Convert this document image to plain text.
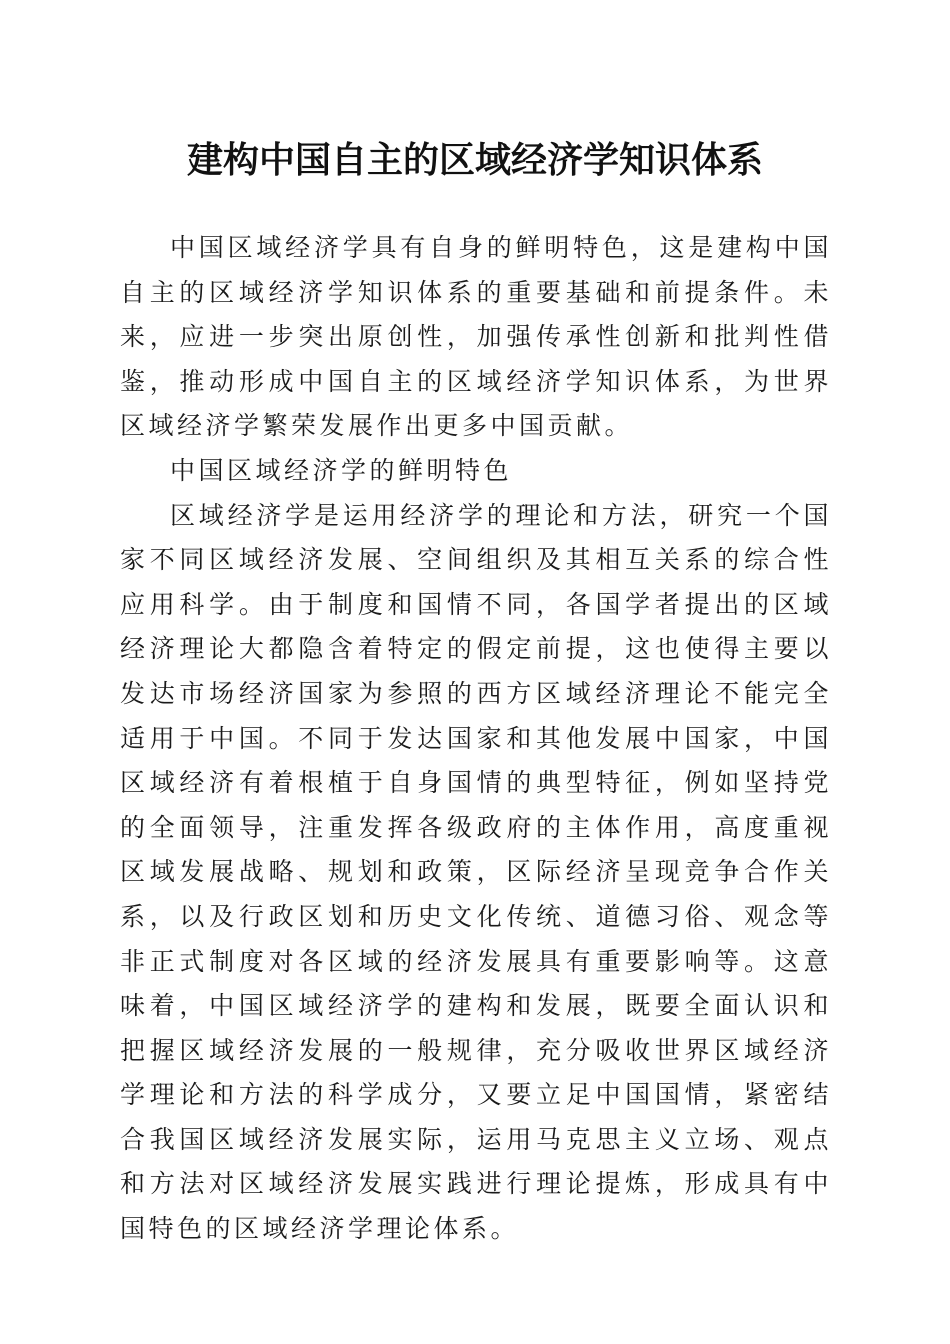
建构中国自主的区域经济学知识体系

中国区域经济学具有自身的鲜明特色，这是建构中国自主的区域经济学知识体系的重要基础和前提条件。未来，应进一步突出原创性，加强传承性创新和批判性借鉴，推动形成中国自主的区域经济学知识体系，为世界区域经济学繁荣发展作出更多中国贡献。

中国区域经济学的鲜明特色

区域经济学是运用经济学的理论和方法，研究一个国家不同区域经济发展、空间组织及其相互关系的综合性应用科学。由于制度和国情不同，各国学者提出的区域经济理论大都隐含着特定的假定前提，这也使得主要以发达市场经济国家为参照的西方区域经济理论不能完全适用于中国。不同于发达国家和其他发展中国家，中国区域经济有着根植于自身国情的典型特征，例如坚持党的全面领导，注重发挥各级政府的主体作用，高度重视区域发展战略、规划和政策，区际经济呈现竞争合作关系，以及行政区划和历史文化传统、道德习俗、观念等非正式制度对各区域的经济发展具有重要影响等。这意味着，中国区域经济学的建构和发展，既要全面认识和把握区域经济发展的一般规律，充分吸收世界区域经济学理论和方法的科学成分，又要立足中国国情，紧密结合我国区域经济发展实际，运用马克思主义立场、观点和方法对区域经济发展实践进行理论提炼，形成具有中国特色的区域经济学理论体系。
